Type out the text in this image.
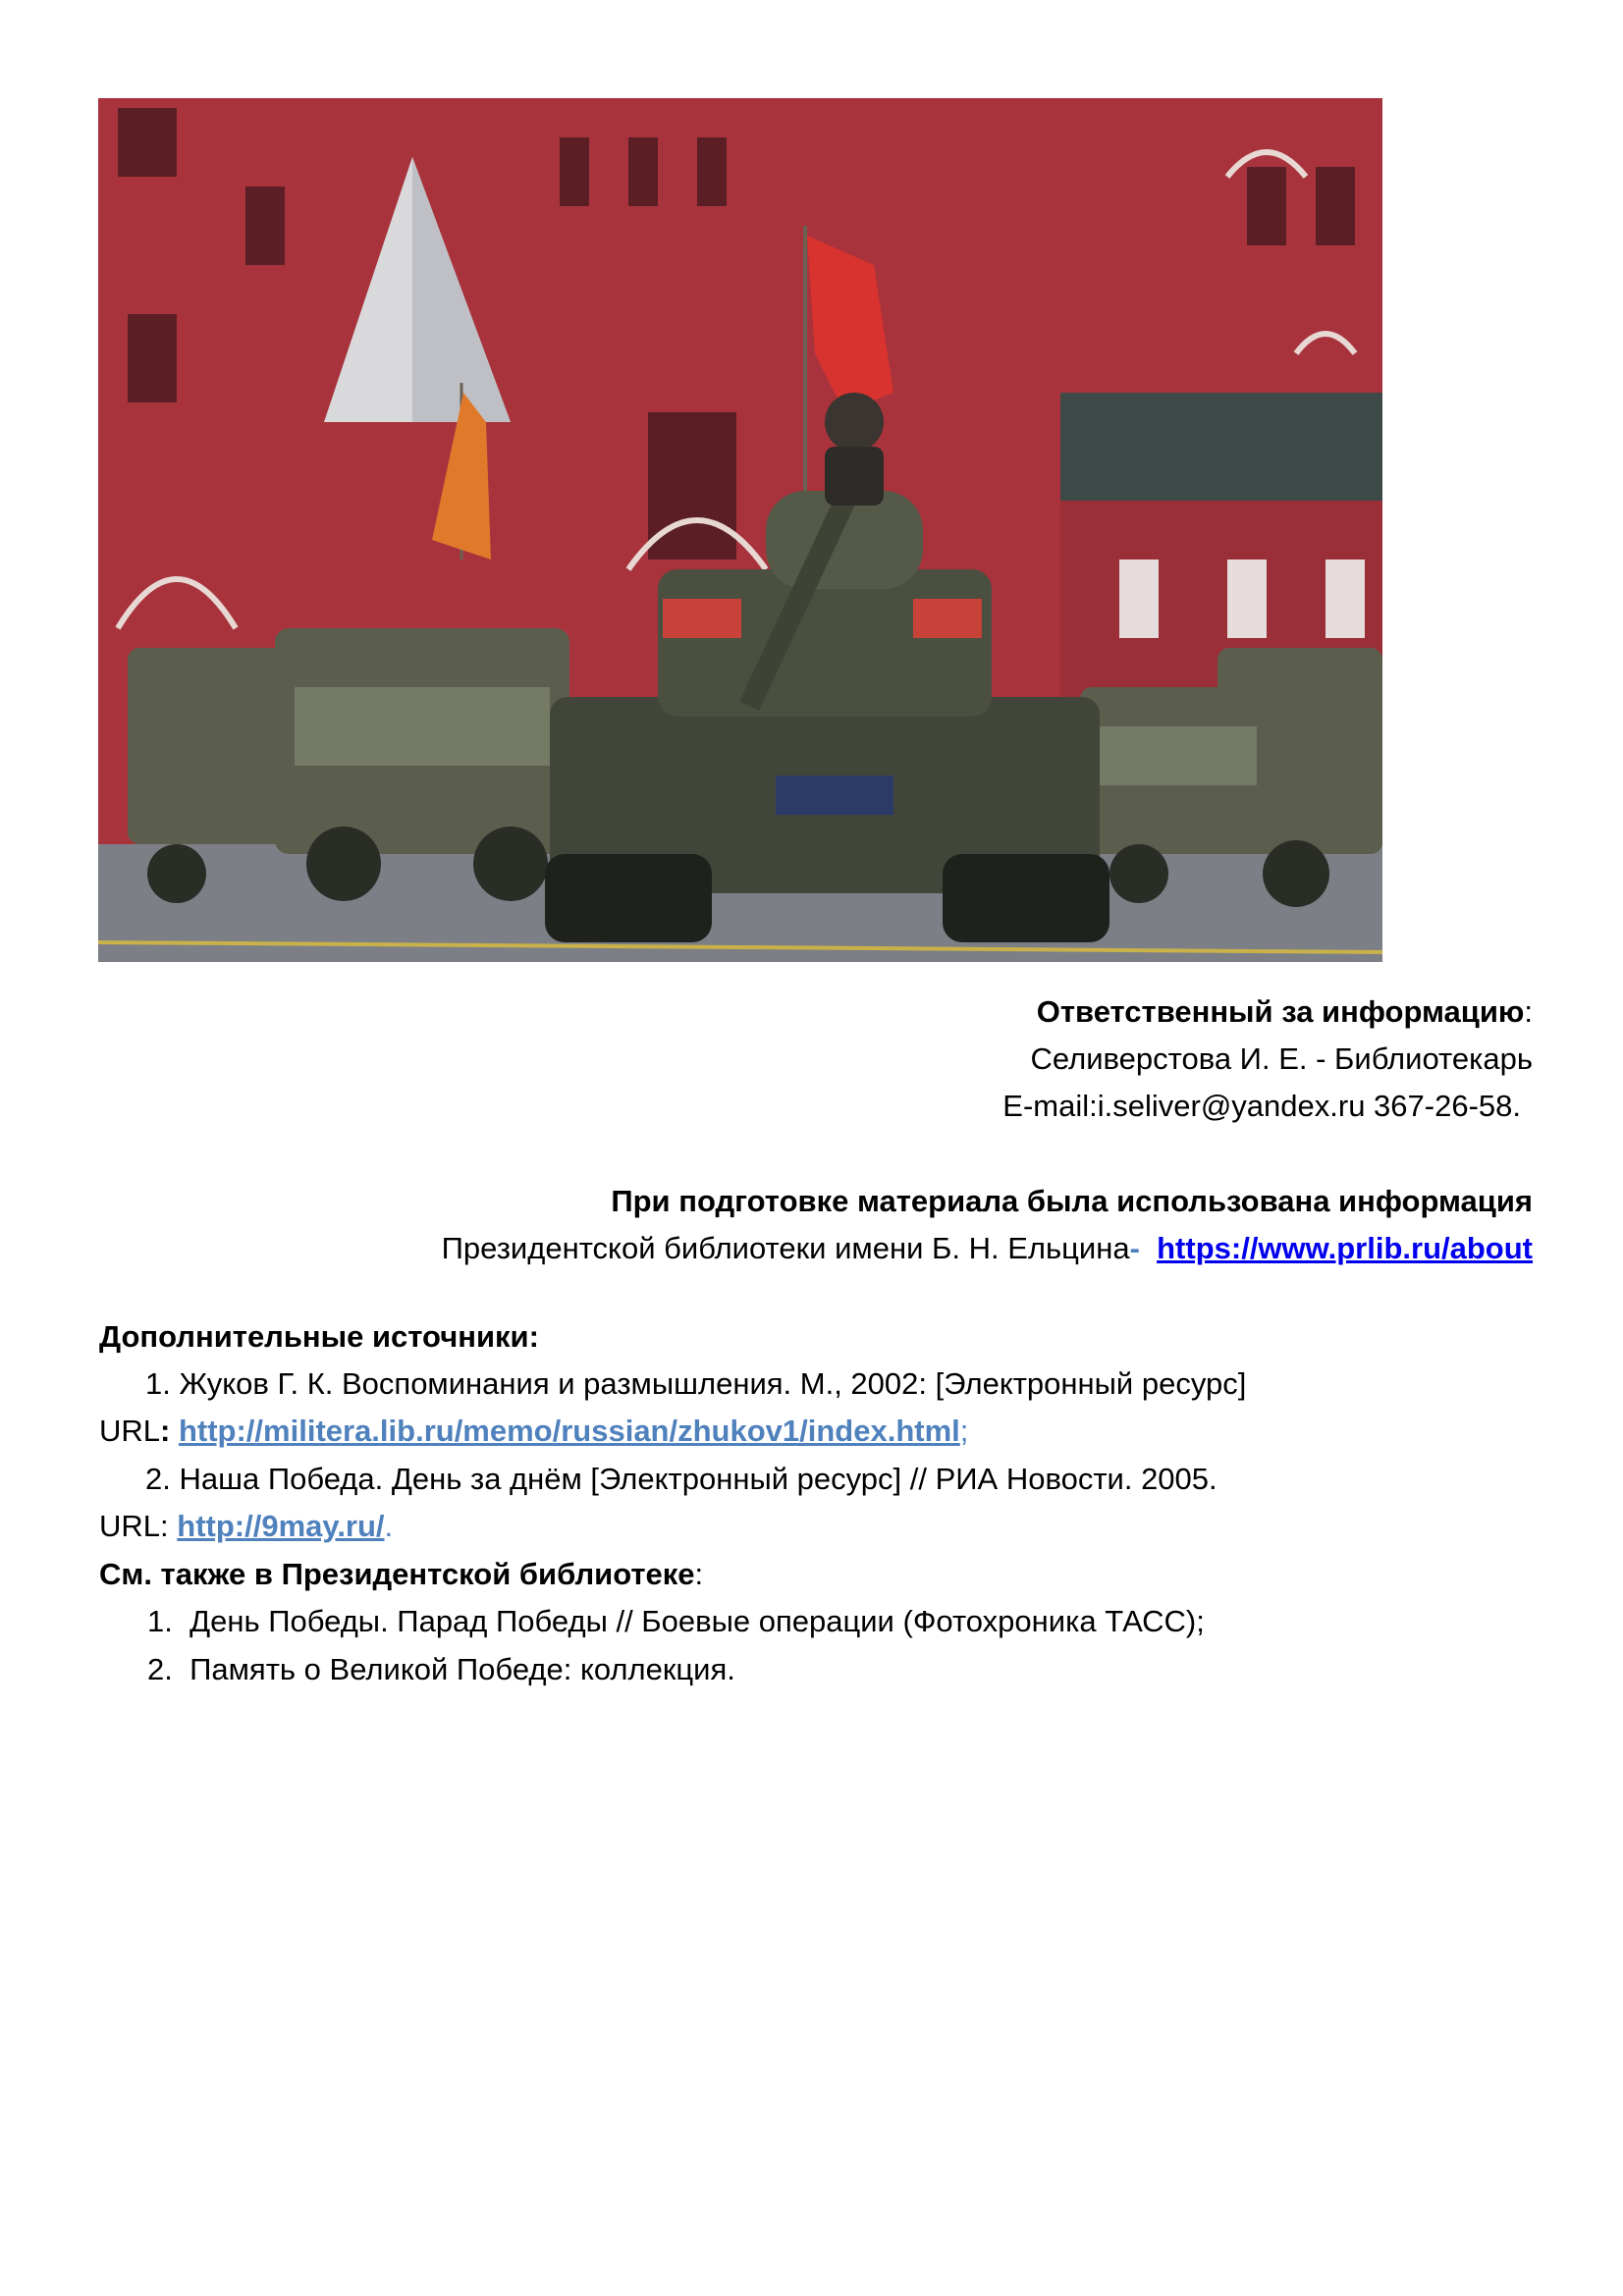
Ответственный за информацию:
Селиверстова И. Е. - Библиотекарь
E-mail:i.seliver@yandex.ru 367-26-58.
При подготовке материала была использована информация
Президентской библиотеки имени Б. Н. Ельцина- https://www.prlib.ru/about
Дополнительные источники:
1. Жуков Г. К. Воспоминания и размышления. М., 2002: [Электронный ресурс]
URL: http://militera.lib.ru/memo/russian/zhukov1/index.html;
2. Наша Победа. День за днём [Электронный ресурс] // РИА Новости. 2005.
URL: http://9may.ru/.
См. также в Президентской библиотеке:
1. День Победы. Парад Победы // Боевые операции (Фотохроника ТАСС);
2. Память о Великой Победе: коллекция.
